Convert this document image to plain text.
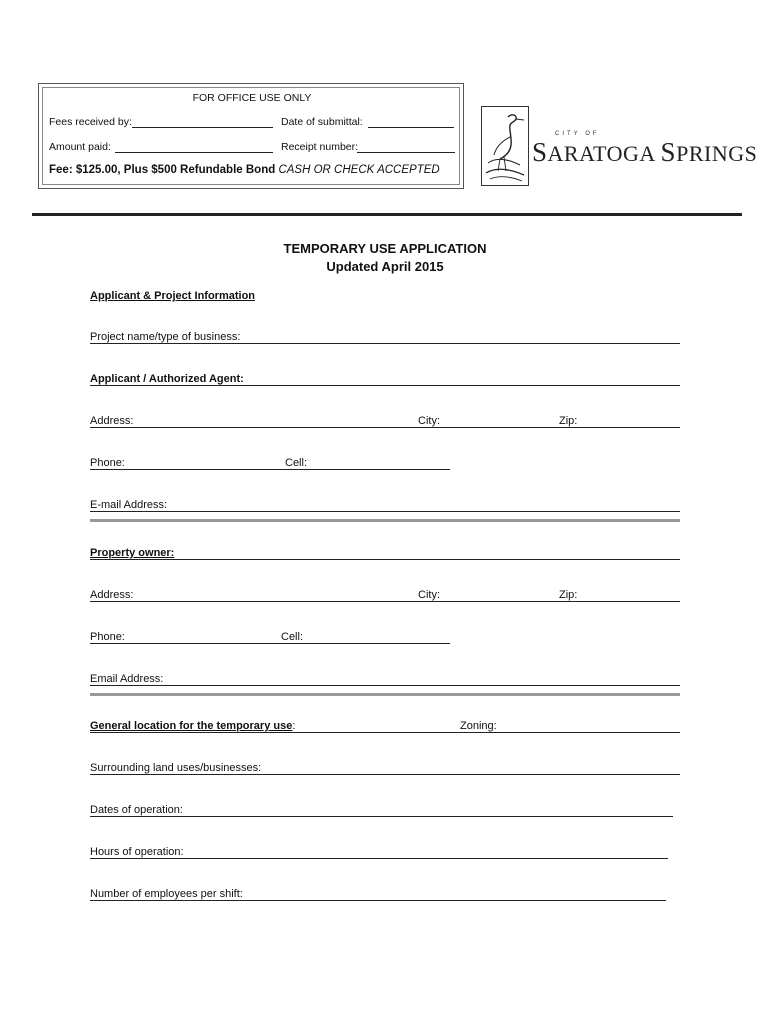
FOR OFFICE USE ONLY
Fees received by:	Date of submittal:
Amount paid:	Receipt number:
Fee: $125.00, Plus $500 Refundable Bond CASH OR CHECK ACCEPTED
CITY OF
SARATOGA SPRINGS
TEMPORARY USE APPLICATION
Updated April 2015
Applicant & Project Information
Project name/type of business:
Applicant / Authorized Agent:
Address:	City:	Zip:
Phone:	Cell:
E-mail Address:
Property owner:
Address:	City:	Zip:
Phone:	Cell:
Email Address:
General location for the temporary use:	Zoning:
Surrounding land uses/businesses:
Dates of operation:
Hours of operation:
Number of employees per shift:
